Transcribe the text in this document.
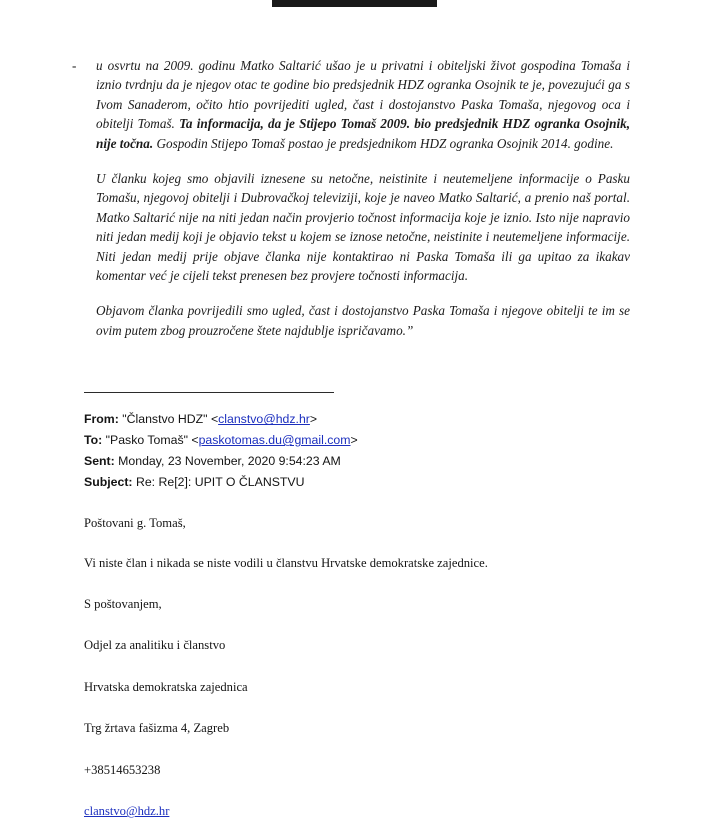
- u osvrtu na 2009. godinu Matko Saltarić ušao je u privatni i obiteljski život gospodina Tomaša i iznio tvrdnju da je njegov otac te godine bio predsjednik HDZ ogranka Osojnik te je, povezujući ga s Ivom Sanaderom, očito htio povrijediti ugled, čast i dostojanstvo Paska Tomaša, njegovog oca i obitelji Tomaš. Ta informacija, da je Stijepo Tomaš 2009. bio predsjednik HDZ ogranka Osojnik, nije točna. Gospodin Stijepo Tomaš postao je predsjednikom HDZ ogranka Osojnik 2014. godine.
U članku kojeg smo objavili iznesene su netočne, neistinite i neutemeljene informacije o Pasku Tomašu, njegovoj obitelji i Dubrovačkoj televiziji, koje je naveo Matko Saltarić, a prenio naš portal. Matko Saltarić nije na niti jedan način provjerio točnost informacija koje je iznio. Isto nije napravio niti jedan medij koji je objavio tekst u kojem se iznose netočne, neistinite i neutemeljene informacije. Niti jedan medij prije objave članka nije kontaktirao ni Paska Tomaša ili ga upitao za ikakav komentar već je cijeli tekst prenesen bez provjere točnosti informacija.
Objavom članka povrijedili smo ugled, čast i dostojanstvo Paska Tomaša i njegove obitelji te im se ovim putem zbog prouzročene štete najdublje ispričavamo.”
From: "Članstvo HDZ" <clanstvo@hdz.hr>
To: "Pasko Tomaš" <paskotomas.du@gmail.com>
Sent: Monday, 23 November, 2020 9:54:23 AM
Subject: Re: Re[2]: UPIT O ČLANSTVU

Poštovani g. Tomaš,

Vi niste član i nikada se niste vodili u članstvu Hrvatske demokratske zajednice.

S poštovanjem,

Odjel za analitiku i članstvo

Hrvatska demokratska zajednica

Trg žrtava fašizma 4, Zagreb

+38514653238

clanstvo@hdz.hr
